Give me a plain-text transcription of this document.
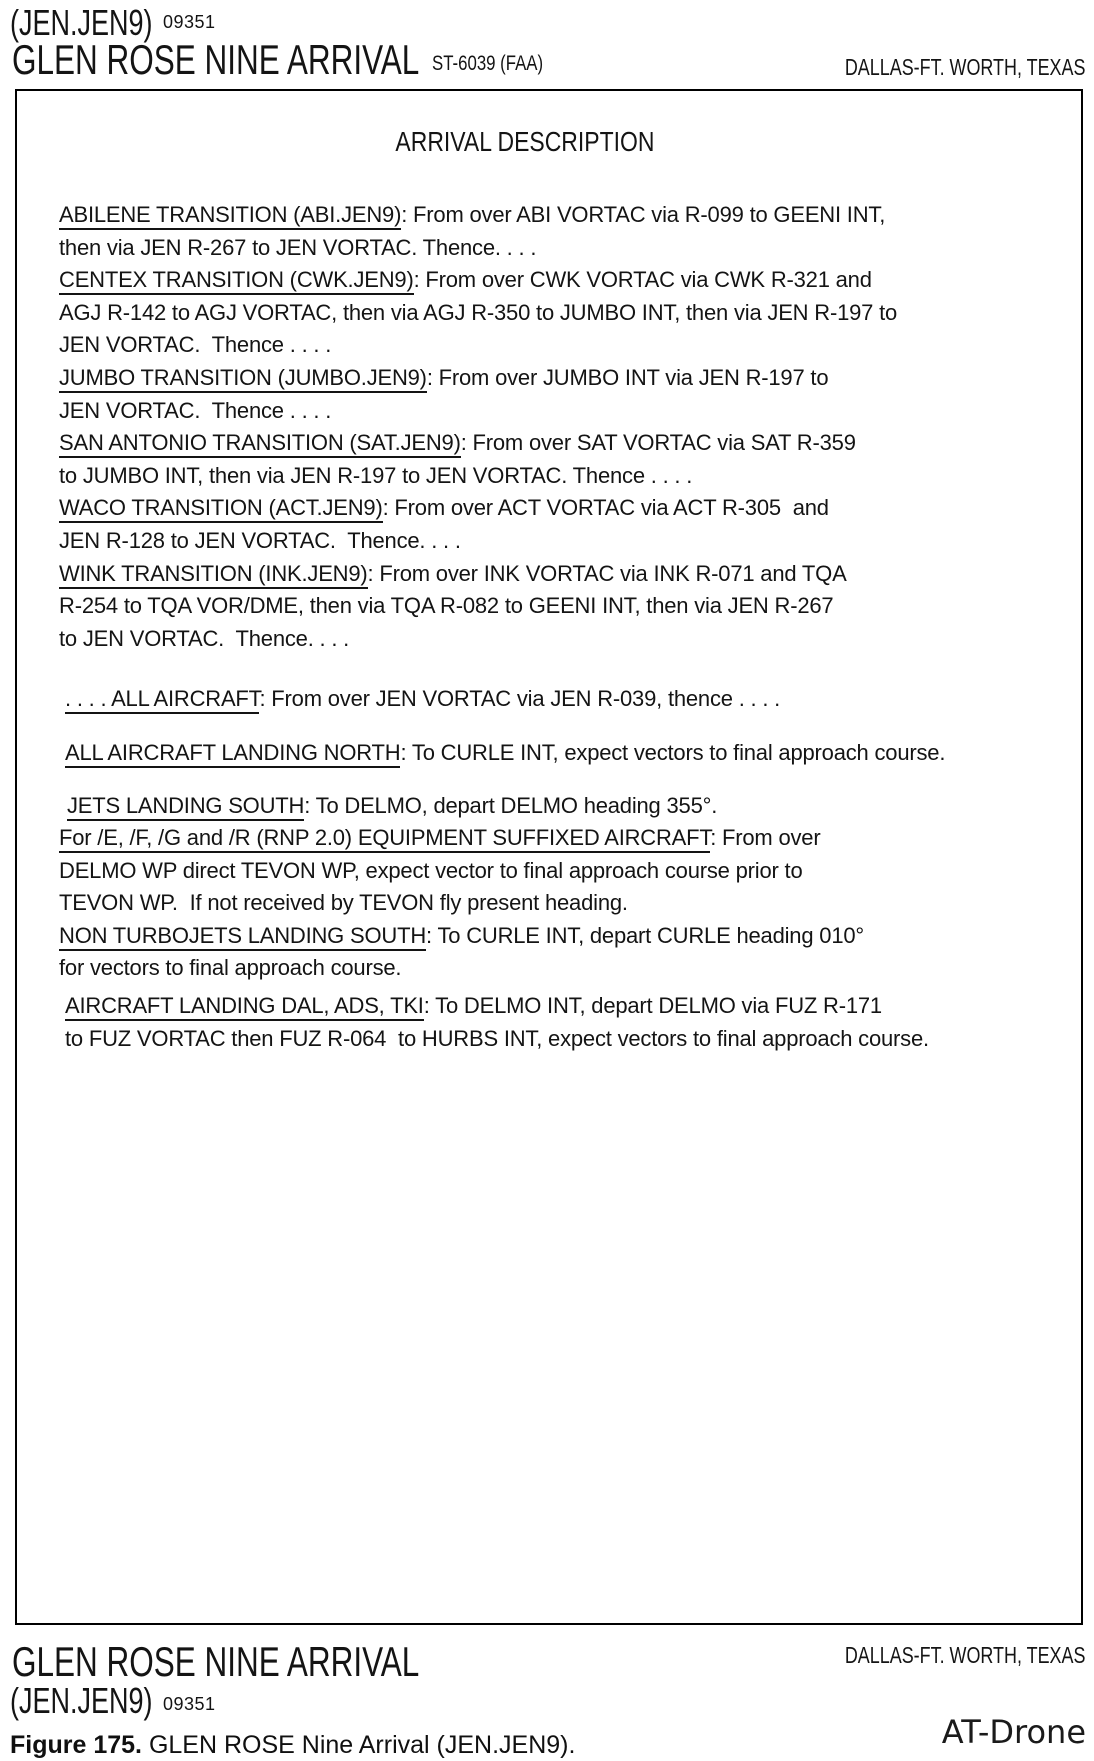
(JEN.JEN9) 09351
GLEN ROSE NINE ARRIVAL ST-6039 (FAA)	DALLAS-FT. WORTH, TEXAS
ARRIVAL DESCRIPTION
ABILENE TRANSITION (ABI.JEN9): From over ABI VORTAC via R-099 to GEENI INT,
then via JEN R-267 to JEN VORTAC. Thence. . . .
CENTEX TRANSITION (CWK.JEN9): From over CWK VORTAC via CWK R-321 and
AGJ R-142 to AGJ VORTAC, then via AGJ R-350 to JUMBO INT, then via JEN R-197 to
JEN VORTAC.  Thence . . . .
JUMBO TRANSITION (JUMBO.JEN9): From over JUMBO INT via JEN R-197 to
JEN VORTAC.  Thence . . . .
SAN ANTONIO TRANSITION (SAT.JEN9): From over SAT VORTAC via SAT R-359
to JUMBO INT, then via JEN R-197 to JEN VORTAC. Thence . . . .
WACO TRANSITION (ACT.JEN9): From over ACT VORTAC via ACT R-305  and
JEN R-128 to JEN VORTAC.  Thence. . . .
WINK TRANSITION (INK.JEN9): From over INK VORTAC via INK R-071 and TQA
R-254 to TQA VOR/DME, then via TQA R-082 to GEENI INT, then via JEN R-267
to JEN VORTAC.  Thence. . . .
. . . . ALL AIRCRAFT: From over JEN VORTAC via JEN R-039, thence . . . .
ALL AIRCRAFT LANDING NORTH: To CURLE INT, expect vectors to final approach course.
JETS LANDING SOUTH: To DELMO, depart DELMO heading 355°.
For /E, /F, /G and /R (RNP 2.0) EQUIPMENT SUFFIXED AIRCRAFT: From over
DELMO WP direct TEVON WP, expect vector to final approach course prior to
TEVON WP.  If not received by TEVON fly present heading.
NON TURBOJETS LANDING SOUTH: To CURLE INT, depart CURLE heading 010°
for vectors to final approach course.
AIRCRAFT LANDING DAL, ADS, TKI: To DELMO INT, depart DELMO via FUZ R-171
to FUZ VORTAC then FUZ R-064  to HURBS INT, expect vectors to final approach course.
GLEN ROSE NINE ARRIVAL	DALLAS-FT. WORTH, TEXAS
(JEN.JEN9) 09351
Figure 175. GLEN ROSE Nine Arrival (JEN.JEN9).	AT-Drone
